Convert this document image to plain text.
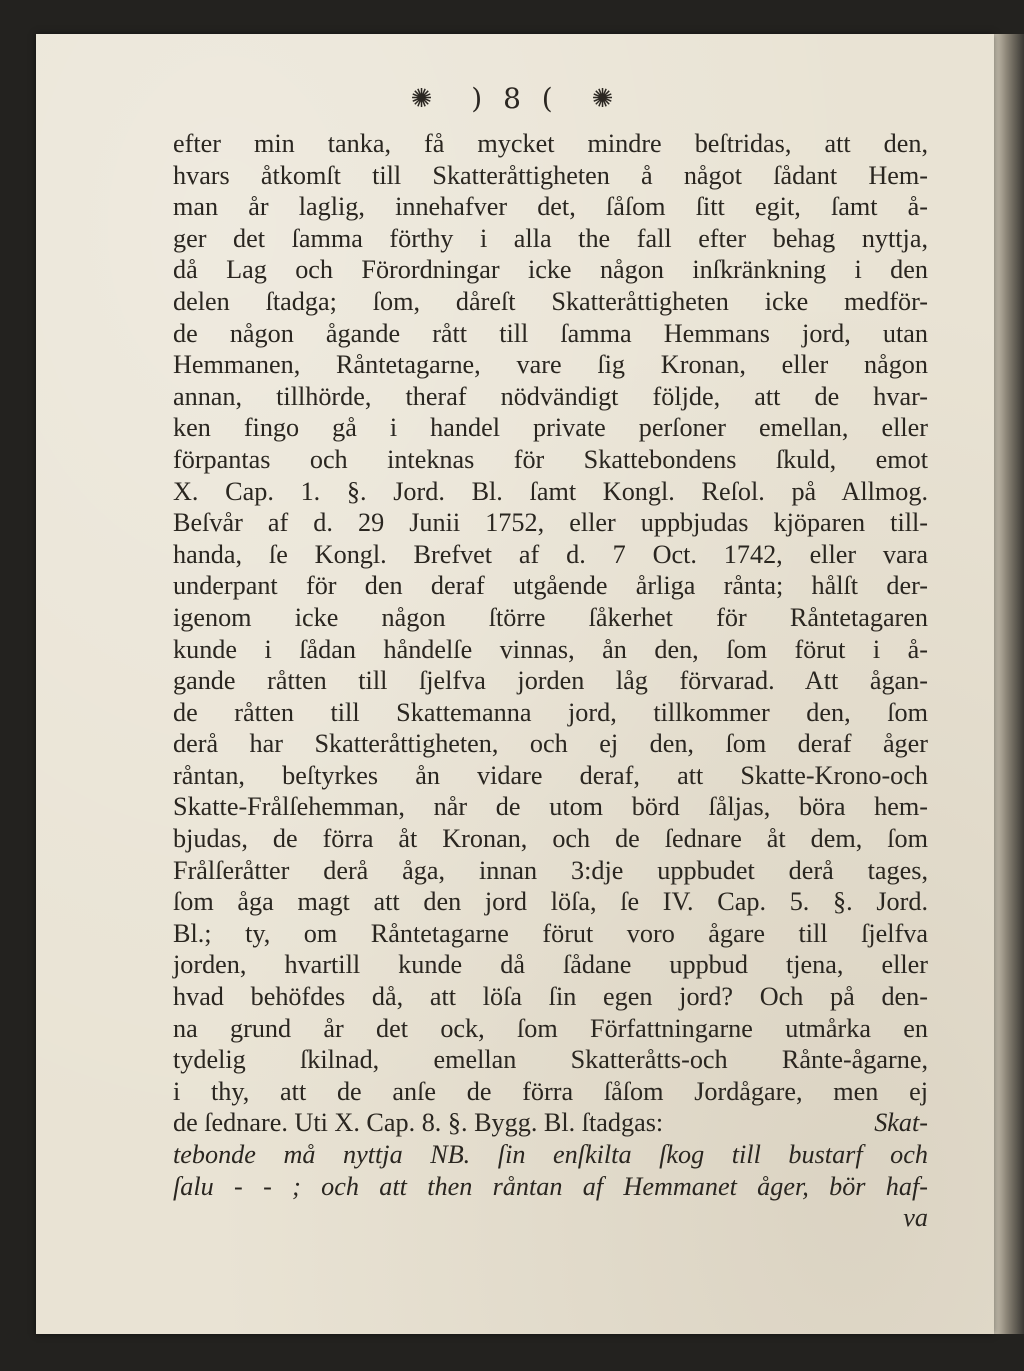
✺ ) 8 ( ✺
efter min tanka, få mycket mindre beſtridas, att den,
hvars åtkomſt till Skatteråttigheten å något ſådant Hem-
man år laglig, innehafver det, ſåſom ſitt egit, ſamt å-
ger det ſamma förthy i alla the fall efter behag nyttja,
då Lag och Förordningar icke någon inſkränkning i den
delen ſtadga; ſom, dåreſt Skatteråttigheten icke medför-
de någon ågande rått till ſamma Hemmans jord, utan
Hemmanen, Råntetagarne, vare ſig Kronan, eller någon
annan, tillhörde, theraf nödvändigt följde, att de hvar-
ken fingo gå i handel private perſoner emellan, eller
förpantas och inteknas för Skattebondens ſkuld, emot
X. Cap. 1. §. Jord. Bl. ſamt Kongl. Reſol. på Allmog.
Beſvår af d. 29 Junii 1752, eller uppbjudas kjöparen till-
handa, ſe Kongl. Brefvet af d. 7 Oct. 1742, eller vara
underpant för den deraf utgående årliga rånta; hålſt der-
igenom icke någon ſtörre ſåkerhet för Råntetagaren
kunde i ſådan håndelſe vinnas, ån den, ſom förut i å-
gande råtten till ſjelfva jorden låg förvarad. Att ågan-
de råtten till Skattemanna jord, tillkommer den, ſom
derå har Skatteråttigheten, och ej den, ſom deraf åger
råntan, beſtyrkes ån vidare deraf, att Skatte-Krono-och
Skatte-Frålſehemman, når de utom börd ſåljas, böra hem-
bjudas, de förra åt Kronan, och de ſednare åt dem, ſom
Frålſeråtter derå åga, innan 3:dje uppbudet derå tages,
ſom åga magt att den jord löſa, ſe IV. Cap. 5. §. Jord.
Bl.; ty, om Råntetagarne förut voro ågare till ſjelfva
jorden, hvartill kunde då ſådane uppbud tjena, eller
hvad behöfdes då, att löſa ſin egen jord? Och på den-
na grund år det ock, ſom Författningarne utmårka en
tydelig ſkilnad, emellan Skatteråtts-och Rånte-ågarne,
i thy, att de anſe de förra ſåſom Jordågare, men ej
de ſednare. Uti X. Cap. 8. §. Bygg. Bl. ſtadgas:	Skat-
tebonde må nyttja NB. ſin enſkilta ſkog till bustarf och
ſalu - - ; och att then råntan af Hemmanet åger, bör haf-
va
